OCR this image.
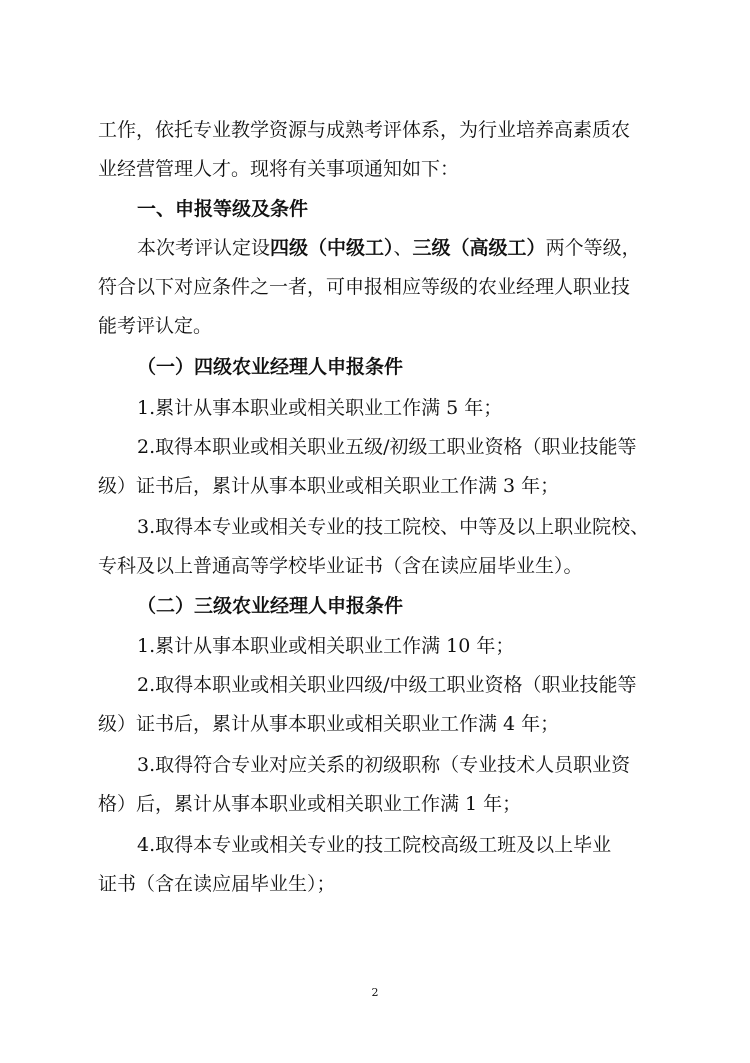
工作，依托专业教学资源与成熟考评体系，为行业培养高素质农
业经营管理人才。现将有关事项通知如下：
一、申报等级及条件
本次考评认定设四级（中级工）、三级（高级工）两个等级，
符合以下对应条件之一者，可申报相应等级的农业经理人职业技
能考评认定。
（一）四级农业经理人申报条件
1.累计从事本职业或相关职业工作满 5 年；
2.取得本职业或相关职业五级/初级工职业资格（职业技能等
级）证书后，累计从事本职业或相关职业工作满 3 年；
3.取得本专业或相关专业的技工院校、中等及以上职业院校、
专科及以上普通高等学校毕业证书（含在读应届毕业生）。
（二）三级农业经理人申报条件
1.累计从事本职业或相关职业工作满 10 年；
2.取得本职业或相关职业四级/中级工职业资格（职业技能等
级）证书后，累计从事本职业或相关职业工作满 4 年；
3.取得符合专业对应关系的初级职称（专业技术人员职业资
格）后，累计从事本职业或相关职业工作满 1 年；
4.取得本专业或相关专业的技工院校高级工班及以上毕业
证书（含在读应届毕业生）；
2
